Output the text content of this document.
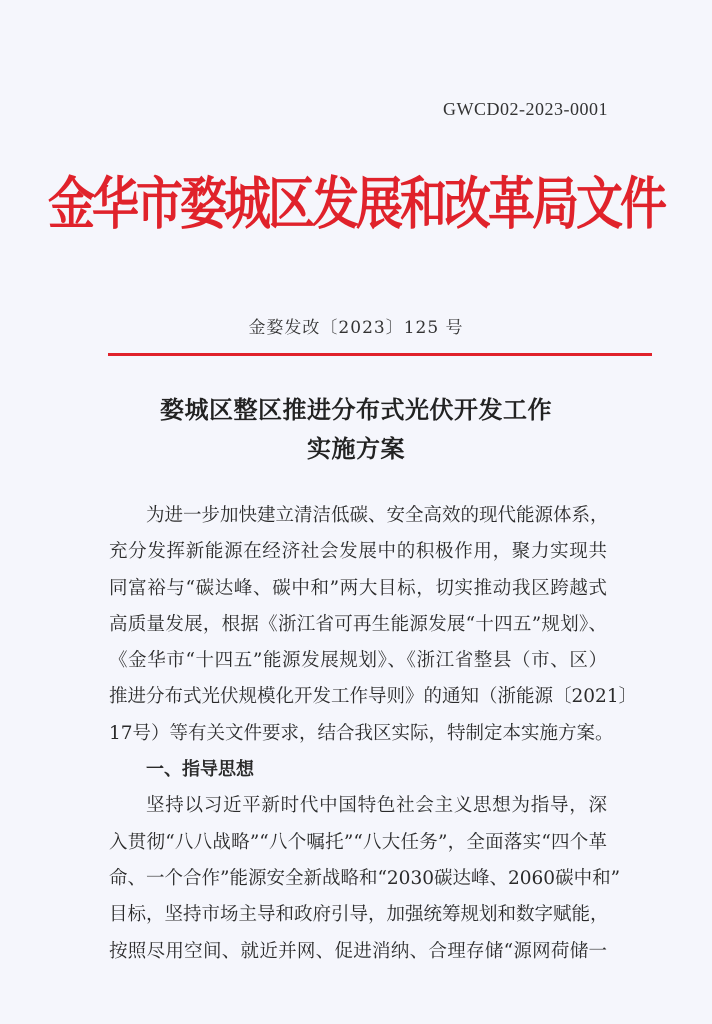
GWCD02-2023-0001
金华市婺城区发展和改革局文件
金婺发改〔2023〕125 号
婺城区整区推进分布式光伏开发工作
实施方案
为进一步加快建立清洁低碳、安全高效的现代能源体系，
充分发挥新能源在经济社会发展中的积极作用，聚力实现共
同富裕与“碳达峰、碳中和”两大目标，切实推动我区跨越式
高质量发展，根据《浙江省可再生能源发展“十四五”规划》、
《金华市“十四五”能源发展规划》、《浙江省整县（市、区）
推进分布式光伏规模化开发工作导则》的通知（浙能源〔2021〕
17号）等有关文件要求，结合我区实际，特制定本实施方案。
一、指导思想
坚持以习近平新时代中国特色社会主义思想为指导，深
入贯彻“八八战略”“八个嘱托”“八大任务”，全面落实“四个革
命、一个合作”能源安全新战略和“2030碳达峰、2060碳中和”
目标，坚持市场主导和政府引导，加强统筹规划和数字赋能，
按照尽用空间、就近并网、促进消纳、合理存储“源网荷储一
